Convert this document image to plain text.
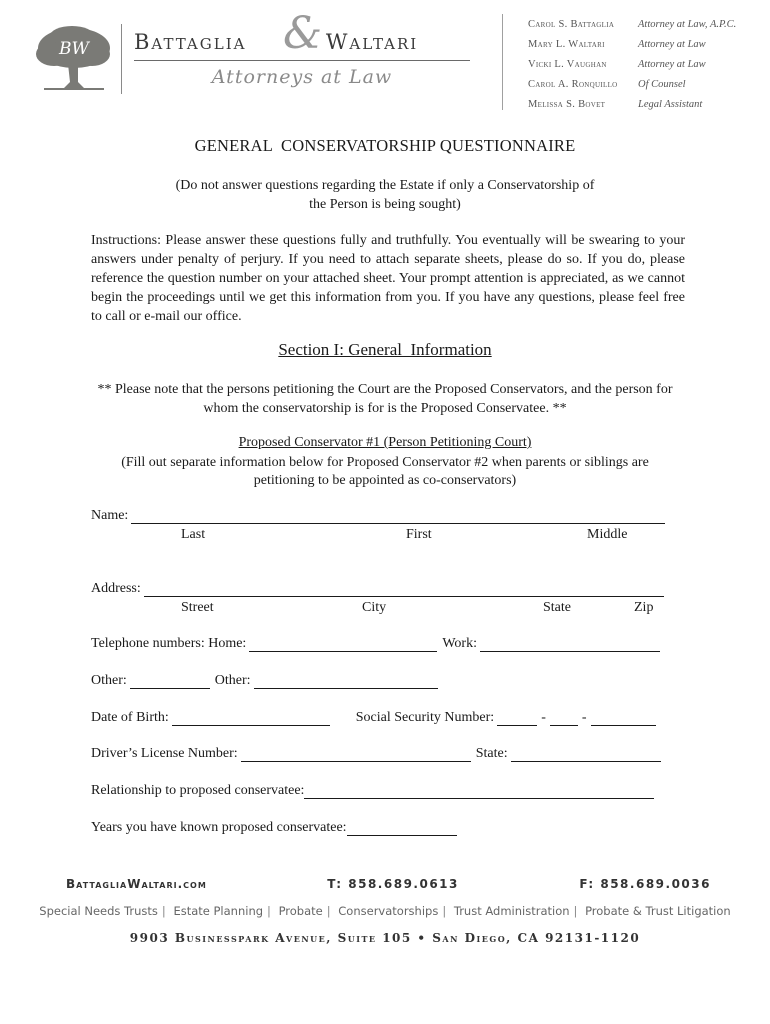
BW	&
Battaglia	Waltari
Attorneys at Law
Carol S. Battaglia	Attorney at Law, A.P.C.
Mary L. Waltari	Attorney at Law
Vicki L. Vaughan	Attorney at Law
Carol A. Ronquillo	Of Counsel
Melissa S. Bovet	Legal Assistant
GENERAL  CONSERVATORSHIP QUESTIONNAIRE
(Do not answer questions regarding the Estate if only a Conservatorship of the Person is being sought)
Instructions: Please answer these questions fully and truthfully. You eventually will be swearing to your answers under penalty of perjury. If you need to attach separate sheets, please do so. If you do, please reference the question number on your attached sheet. Your prompt attention is appreciated, as we cannot begin the proceedings until we get this information from you. If you have any questions, please feel free to call or e-mail our office.
Section I: General  Information
** Please note that the persons petitioning the Court are the Proposed Conservators, and the person for whom the conservatorship is for is the Proposed Conservatee. **
Proposed Conservator #1 (Person Petitioning Court)
(Fill out separate information below for Proposed Conservator #2 when parents or siblings are petitioning to be appointed as co-conservators)
Name:
Last	First	Middle
Address:
Street	City	State	Zip
Telephone numbers: Home:	Work:
Other:	Other:
Date of Birth:	Social Security Number:	-	-
Driver’s License Number:	State:
Relationship to proposed conservatee:
Years you have known proposed conservatee:
BattagliaWaltari.com	T: 858.689.0613	F: 858.689.0036
Special Needs Trusts | Estate Planning | Probate | Conservatorships | Trust Administration | Probate & Trust Litigation
9903 Businesspark Avenue, Suite 105 • San Diego, CA 92131-1120
